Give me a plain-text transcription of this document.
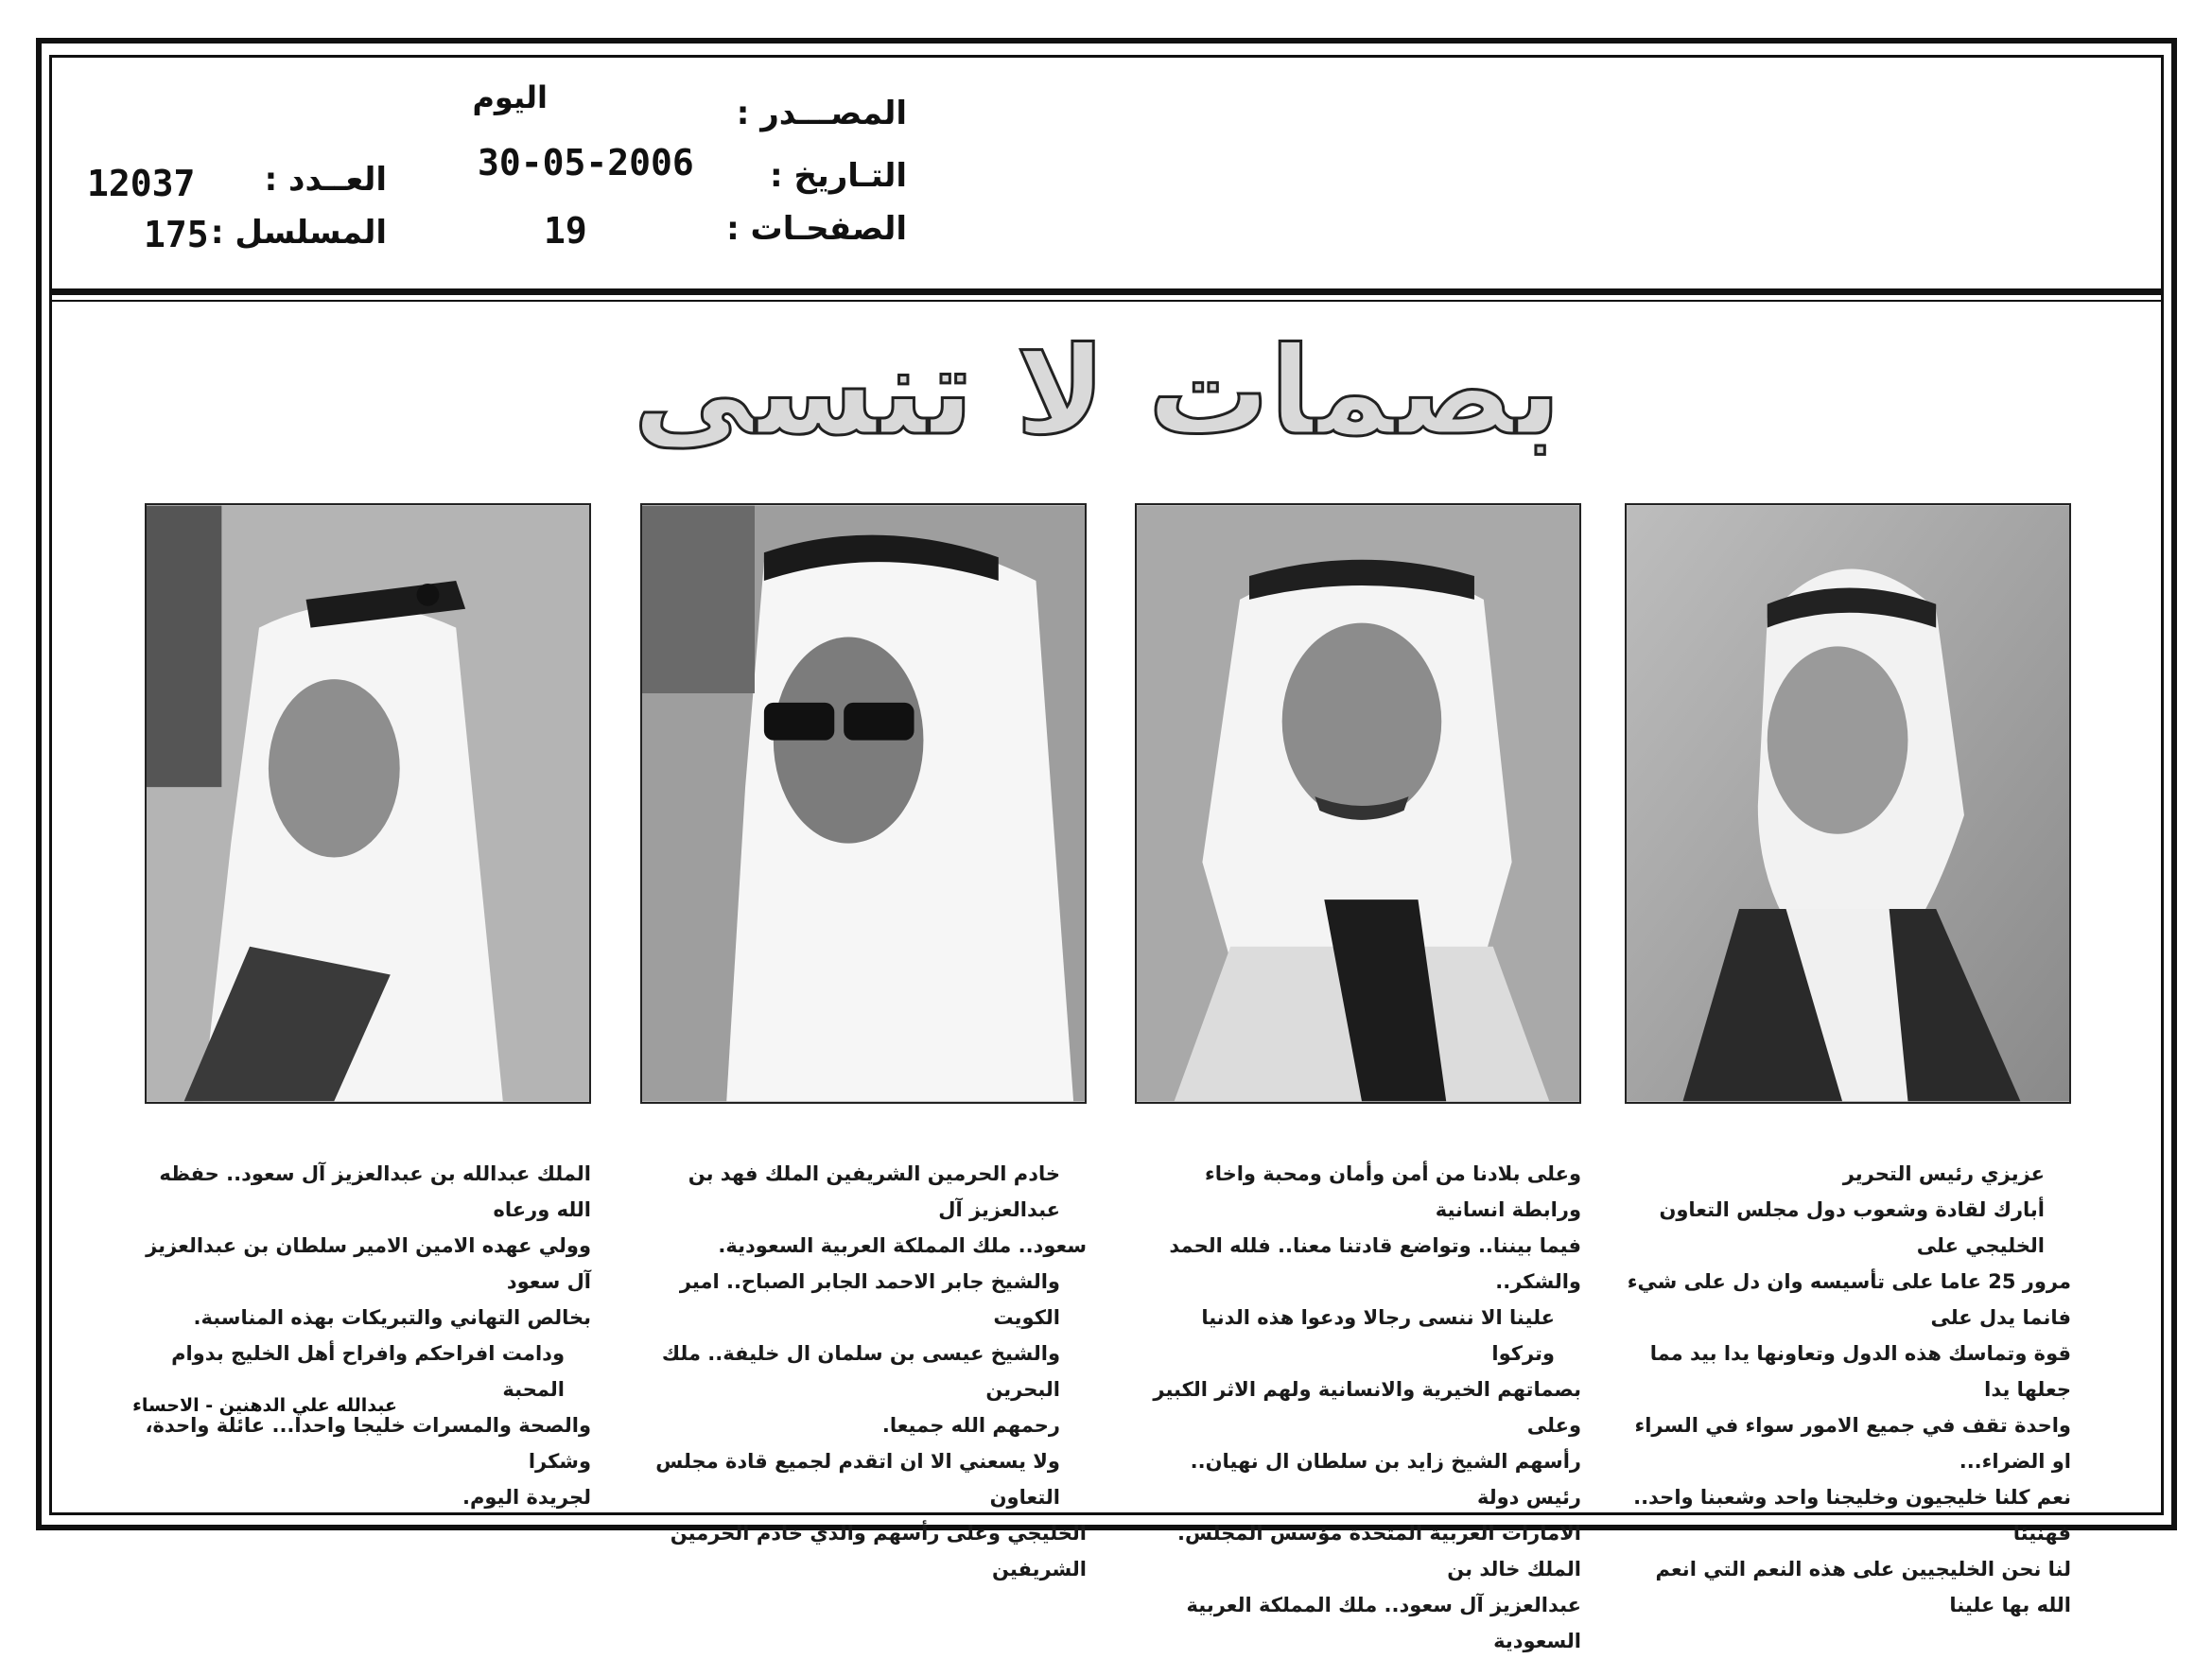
المصـــدر :
اليوم
التـاريخ :
30-05-2006
الصفحـات :
19
العــدد :
12037
المسلسل :
175
بصمات لا تنسى

عزيزي رئيس التحرير

أبارك لقادة وشعوب دول مجلس التعاون الخليجي على

مرور 25 عاما على تأسيسه وان دل على شيء فانما يدل على

قوة وتماسك هذه الدول وتعاونها يدا بيد مما جعلها يدا

واحدة تقف في جميع الامور سواء في السراء او الضراء...

نعم كلنا خليجيون وخليجنا واحد وشعبنا واحد.. فهنيئا

لنا نحن الخليجيين على هذه النعم التي انعم الله بها علينا

وعلى بلادنا من أمن وأمان ومحبة واخاء ورابطة انسانية

فيما بيننا.. وتواضع قادتنا معنا.. فلله الحمد والشكر..

علينا الا ننسى رجالا ودعوا هذه الدنيا وتركوا

بصماتهم الخيرية والانسانية ولهم الاثر الكبير وعلى

رأسهم الشيخ زايد بن سلطان ال نهيان.. رئيس دولة

الامارات العربية المتحدة مؤسس المجلس. الملك خالد بن

عبدالعزيز آل سعود.. ملك المملكة العربية السعودية

خادم الحرمين الشريفين الملك فهد بن عبدالعزيز آل

سعود.. ملك المملكة العربية السعودية.

والشيخ جابر الاحمد الجابر الصباح.. امير الكويت

والشيخ عيسى بن سلمان ال خليفة.. ملك البحرين

رحمهم الله جميعا.

ولا يسعني الا ان اتقدم لجميع قادة مجلس التعاون

الخليجي وعلى رأسهم والدي خادم الحرمين الشريفين

الملك عبدالله بن عبدالعزيز آل سعود.. حفظه الله ورعاه

وولي عهده الامين الامير سلطان بن عبدالعزيز آل سعود

بخالص التهاني والتبريكات بهذه المناسبة.

ودامت افراحكم وافراح أهل الخليج بدوام المحبة

والصحة والمسرات خليجا واحدا... عائلة واحدة، وشكرا

لجريدة اليوم.

عبدالله علي الدهنين - الاحساء
